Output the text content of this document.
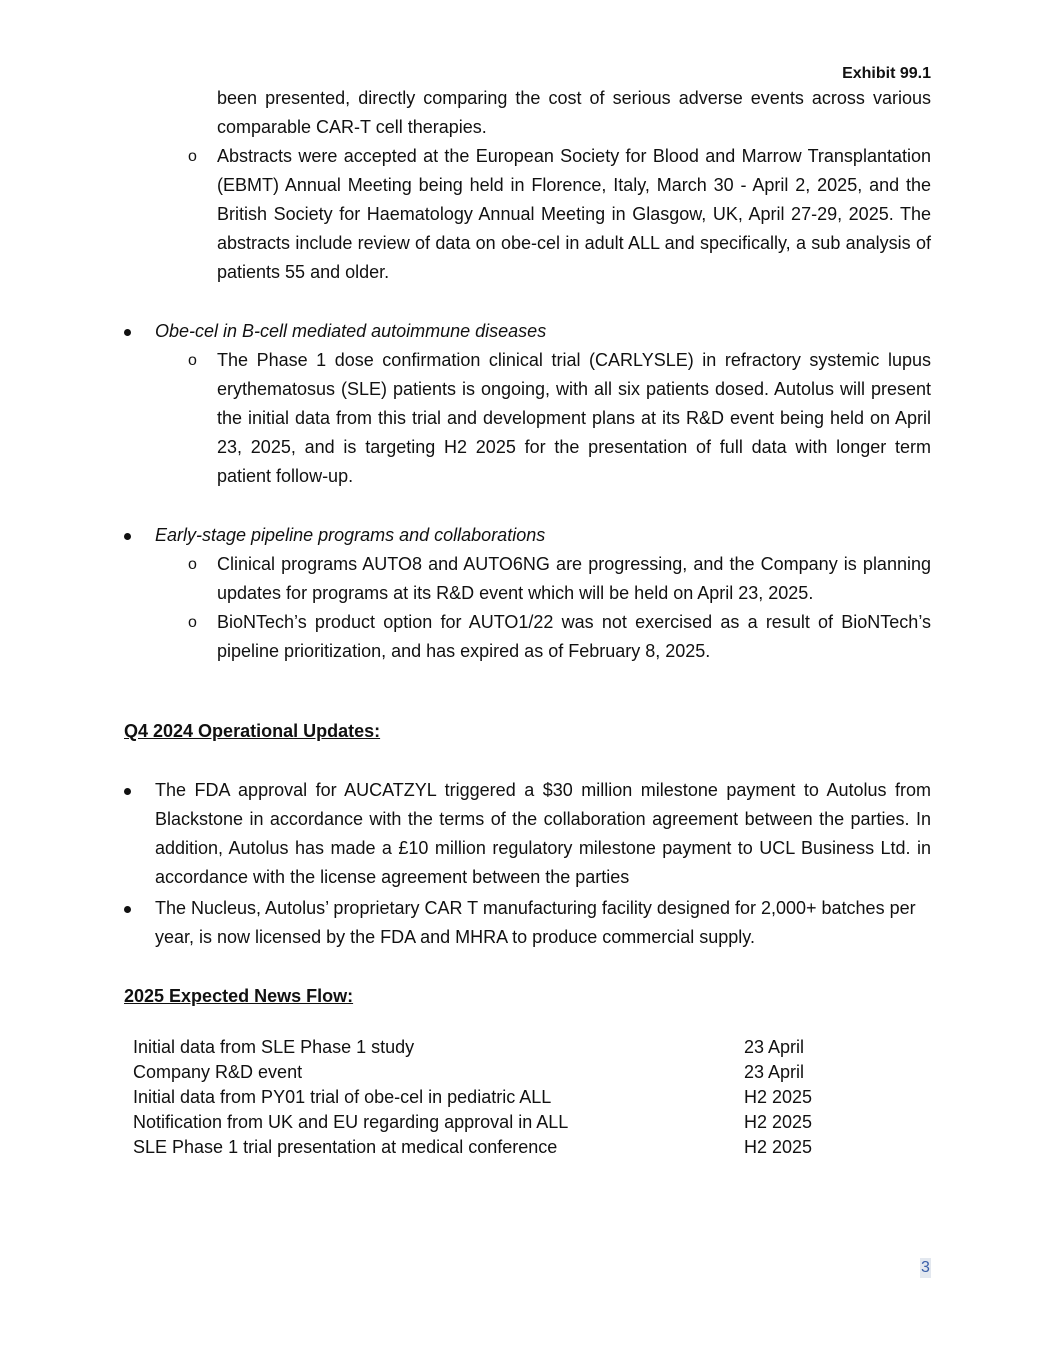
Exhibit 99.1

been presented, directly comparing the cost of serious adverse events across various comparable CAR-T cell therapies.

o Abstracts were accepted at the European Society for Blood and Marrow Transplantation (EBMT) Annual Meeting being held in Florence, Italy, March 30 - April 2, 2025, and the British Society for Haematology Annual Meeting in Glasgow, UK, April 27-29, 2025. The abstracts include review of data on obe-cel in adult ALL and specifically, a sub analysis of patients 55 and older.

Obe-cel in B-cell mediated autoimmune diseases
o The Phase 1 dose confirmation clinical trial (CARLYSLE) in refractory systemic lupus erythematosus (SLE) patients is ongoing, with all six patients dosed. Autolus will present the initial data from this trial and development plans at its R&D event being held on April 23, 2025, and is targeting H2 2025 for the presentation of full data with longer term patient follow-up.

Early-stage pipeline programs and collaborations
o Clinical programs AUTO8 and AUTO6NG are progressing, and the Company is planning updates for programs at its R&D event which will be held on April 23, 2025.

o BioNTech’s product option for AUTO1/22 was not exercised as a result of BioNTech’s pipeline prioritization, and has expired as of February 8, 2025.

Q4 2024 Operational Updates:

The FDA approval for AUCATZYL triggered a $30 million milestone payment to Autolus from Blackstone in accordance with the terms of the collaboration agreement between the parties. In addition, Autolus has made a £10 million regulatory milestone payment to UCL Business Ltd. in accordance with the license agreement between the parties

The Nucleus, Autolus’ proprietary CAR T manufacturing facility designed for 2,000+ batches per year, is now licensed by the FDA and MHRA to produce commercial supply.

2025 Expected News Flow:
Initial data from SLE Phase 1 study	23 April
Company R&D event	23 April
Initial data from PY01 trial of obe-cel in pediatric ALL	H2 2025
Notification from UK and EU regarding approval in ALL	H2 2025
SLE Phase 1 trial presentation at medical conference	H2 2025
3
